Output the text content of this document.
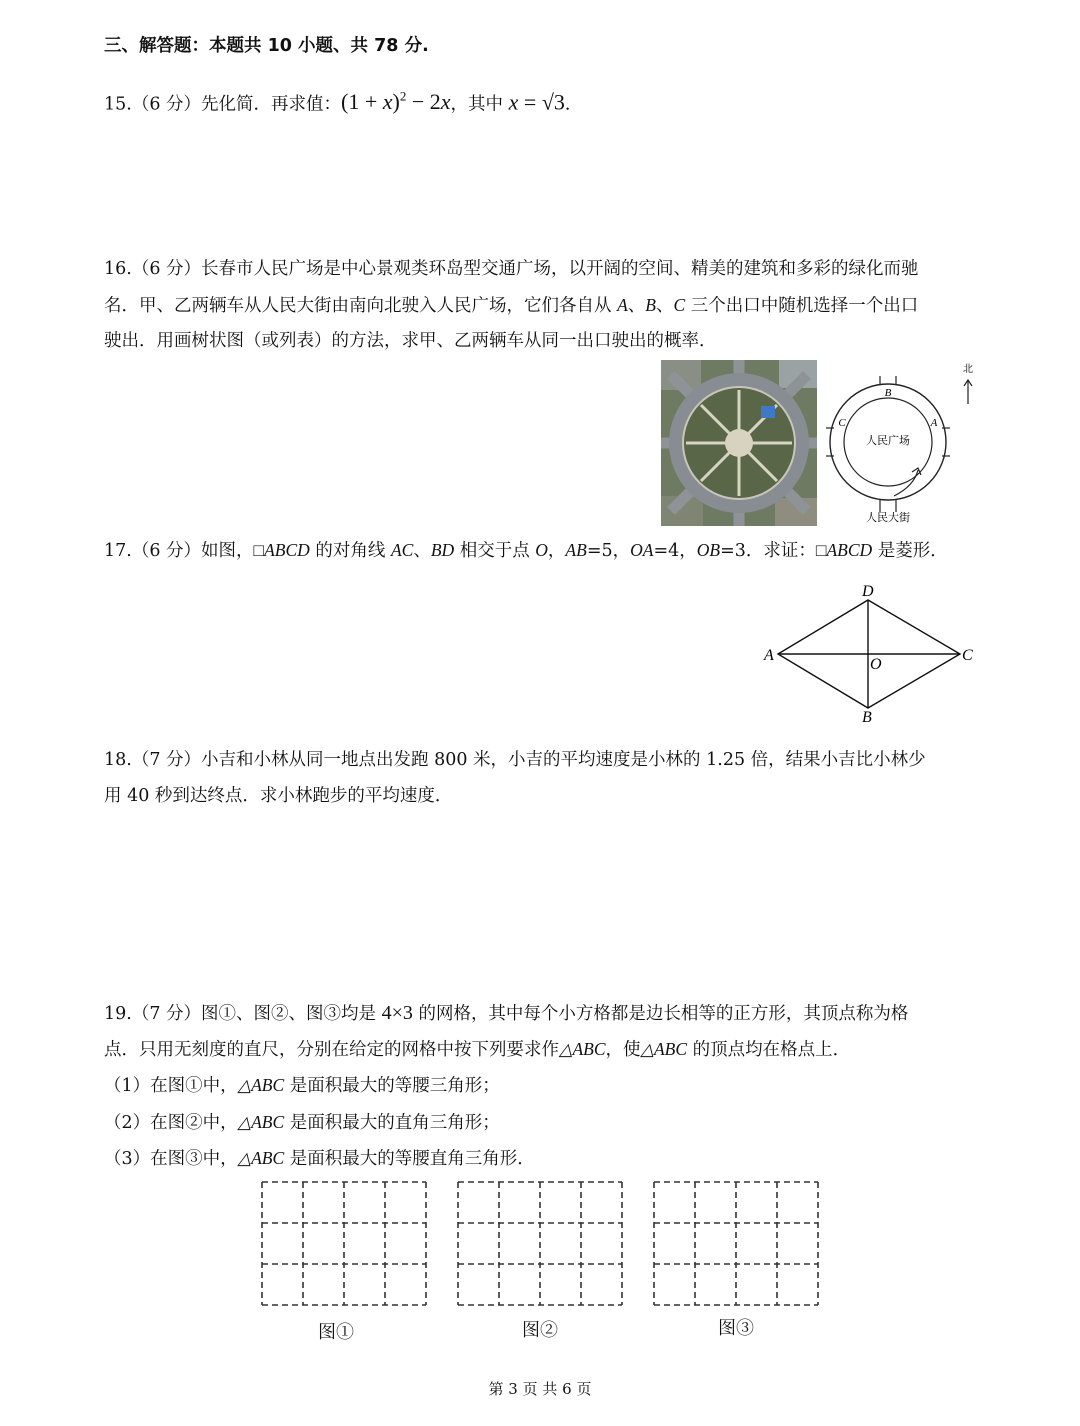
三、解答题：本题共 10 小题、共 78 分.
15.（6 分）先化简．再求值：$(1 + x)^2 - 2x$，其中 x = √3．
16.（6 分）长春市人民广场是中心景观类环岛型交通广场，以开阔的空间、精美的建筑和多彩的绿化而驰
名．甲、乙两辆车从人民大街由南向北驶入人民广场，它们各自从 A、B、C 三个出口中随机选择一个出口
驶出．用画树状图（或列表）的方法，求甲、乙两辆车从同一出口驶出的概率．
B
C	A
人民广场
人民大街
北
17.（6 分）如图，□ABCD 的对角线 AC、BD 相交于点 O，AB=5，OA=4，OB=3．求证：□ABCD 是菱形．
A
D
C
B
O
18.（7 分）小吉和小林从同一地点出发跑 800 米，小吉的平均速度是小林的 1.25 倍，结果小吉比小林少
用 40 秒到达终点．求小林跑步的平均速度．
19.（7 分）图①、图②、图③均是 4×3 的网格，其中每个小方格都是边长相等的正方形，其顶点称为格
点．只用无刻度的直尺，分别在给定的网格中按下列要求作△ABC，使△ABC 的顶点均在格点上．
（1）在图①中，△ABC 是面积最大的等腰三角形；
（2）在图②中，△ABC 是面积最大的直角三角形；
（3）在图③中，△ABC 是面积最大的等腰直角三角形．
图①	图②	图③
第 3 页 共 6 页
